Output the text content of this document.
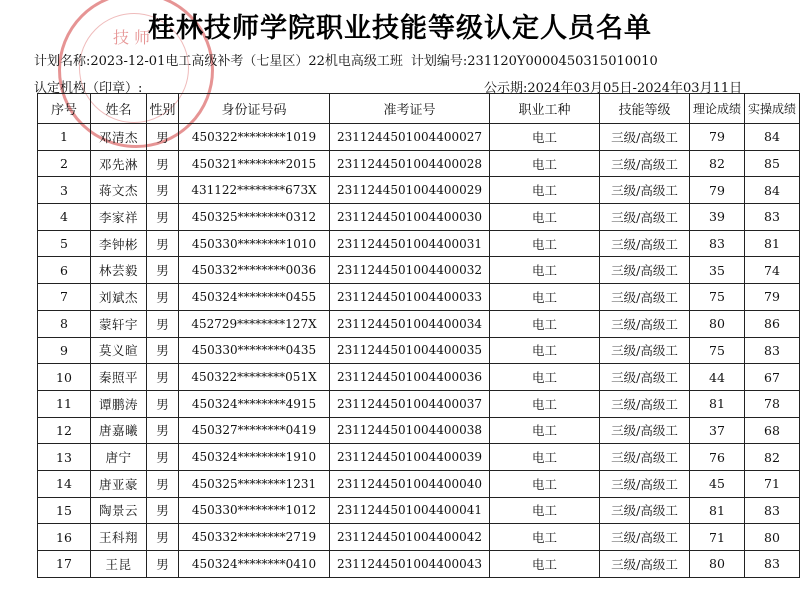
技 师
桂林技师学院职业技能等级认定人员名单
计划名称:2023-12-01电工高级补考（七星区）22机电高级工班 计划编号:231120Y0000450315010010
认定机构（印章）:	公示期:2024年03月05日-2024年03月11日
序号	姓名	性别	身份证号码	准考证号	职业工种	技能等级	理论成绩	实操成绩
1	邓清杰	男	450322********1019	2311244501004400027	电工	三级/高级工	79	84
2	邓先淋	男	450321********2015	2311244501004400028	电工	三级/高级工	82	85
3	蒋文杰	男	431122********673X	2311244501004400029	电工	三级/高级工	79	84
4	李家祥	男	450325********0312	2311244501004400030	电工	三级/高级工	39	83
5	李钟彬	男	450330********1010	2311244501004400031	电工	三级/高级工	83	81
6	林芸毅	男	450332********0036	2311244501004400032	电工	三级/高级工	35	74
7	刘斌杰	男	450324********0455	2311244501004400033	电工	三级/高级工	75	79
8	蒙轩宇	男	452729********127X	2311244501004400034	电工	三级/高级工	80	86
9	莫义暄	男	450330********0435	2311244501004400035	电工	三级/高级工	75	83
10	秦照平	男	450322********051X	2311244501004400036	电工	三级/高级工	44	67
11	谭鹏涛	男	450324********4915	2311244501004400037	电工	三级/高级工	81	78
12	唐嘉曦	男	450327********0419	2311244501004400038	电工	三级/高级工	37	68
13	唐宁	男	450324********1910	2311244501004400039	电工	三级/高级工	76	82
14	唐亚豪	男	450325********1231	2311244501004400040	电工	三级/高级工	45	71
15	陶景云	男	450330********1012	2311244501004400041	电工	三级/高级工	81	83
16	王科翔	男	450332********2719	2311244501004400042	电工	三级/高级工	71	80
17	王昆	男	450324********0410	2311244501004400043	电工	三级/高级工	80	83
